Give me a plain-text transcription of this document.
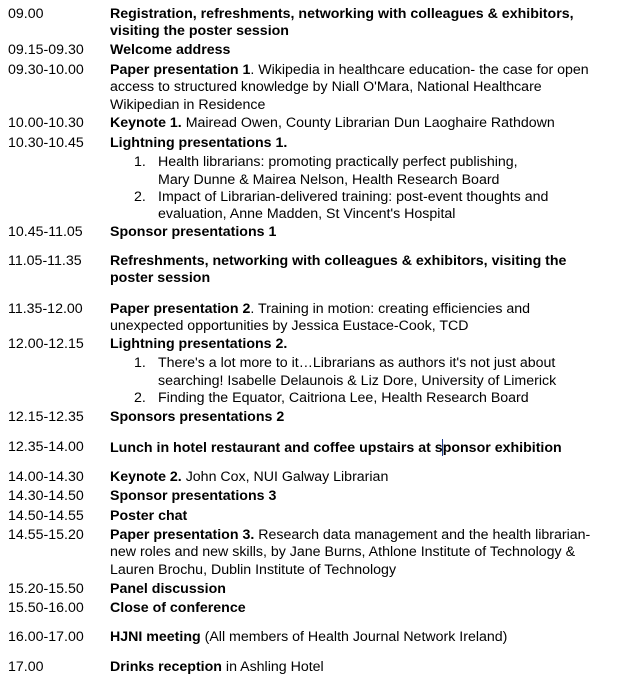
09.00	Registration, refreshments, networking with colleagues & exhibitors, visiting the poster session
09.15-09.30 Welcome address
09.30-10.00 Paper presentation 1. Wikipedia in healthcare education- the case for open access to structured knowledge by Niall O'Mara, National Healthcare Wikipedian in Residence
10.00-10.30 Keynote 1. Mairead Owen, County Librarian Dun Laoghaire Rathdown
10.30-10.45 Lightning presentations 1.
1. Health librarians: promoting practically perfect publishing, Mary Dunne & Mairea Nelson, Health Research Board
2. Impact of Librarian-delivered training: post-event thoughts and evaluation, Anne Madden, St Vincent's Hospital
10.45-11.05 Sponsor presentations 1
11.05-11.35 Refreshments, networking with colleagues & exhibitors, visiting the poster session
11.35-12.00 Paper presentation 2. Training in motion: creating efficiencies and unexpected opportunities by Jessica Eustace-Cook, TCD
12.00-12.15 Lightning presentations 2.
1. There's a lot more to it…Librarians as authors it's not just about searching! Isabelle Delaunois & Liz Dore, University of Limerick
2. Finding the Equator, Caitriona Lee, Health Research Board
12.15-12.35 Sponsors presentations 2
12.35-14.00 Lunch in hotel restaurant and coffee upstairs at sponsor exhibition
14.00-14.30 Keynote 2. John Cox, NUI Galway Librarian
14.30-14.50 Sponsor presentations 3
14.50-14.55 Poster chat
14.55-15.20 Paper presentation 3. Research data management and the health librarian- new roles and new skills, by Jane Burns, Athlone Institute of Technology & Lauren Brochu, Dublin Institute of Technology
15.20-15.50 Panel discussion
15.50-16.00 Close of conference
16.00-17.00 HJNI meeting (All members of Health Journal Network Ireland)
17.00	Drinks reception in Ashling Hotel
